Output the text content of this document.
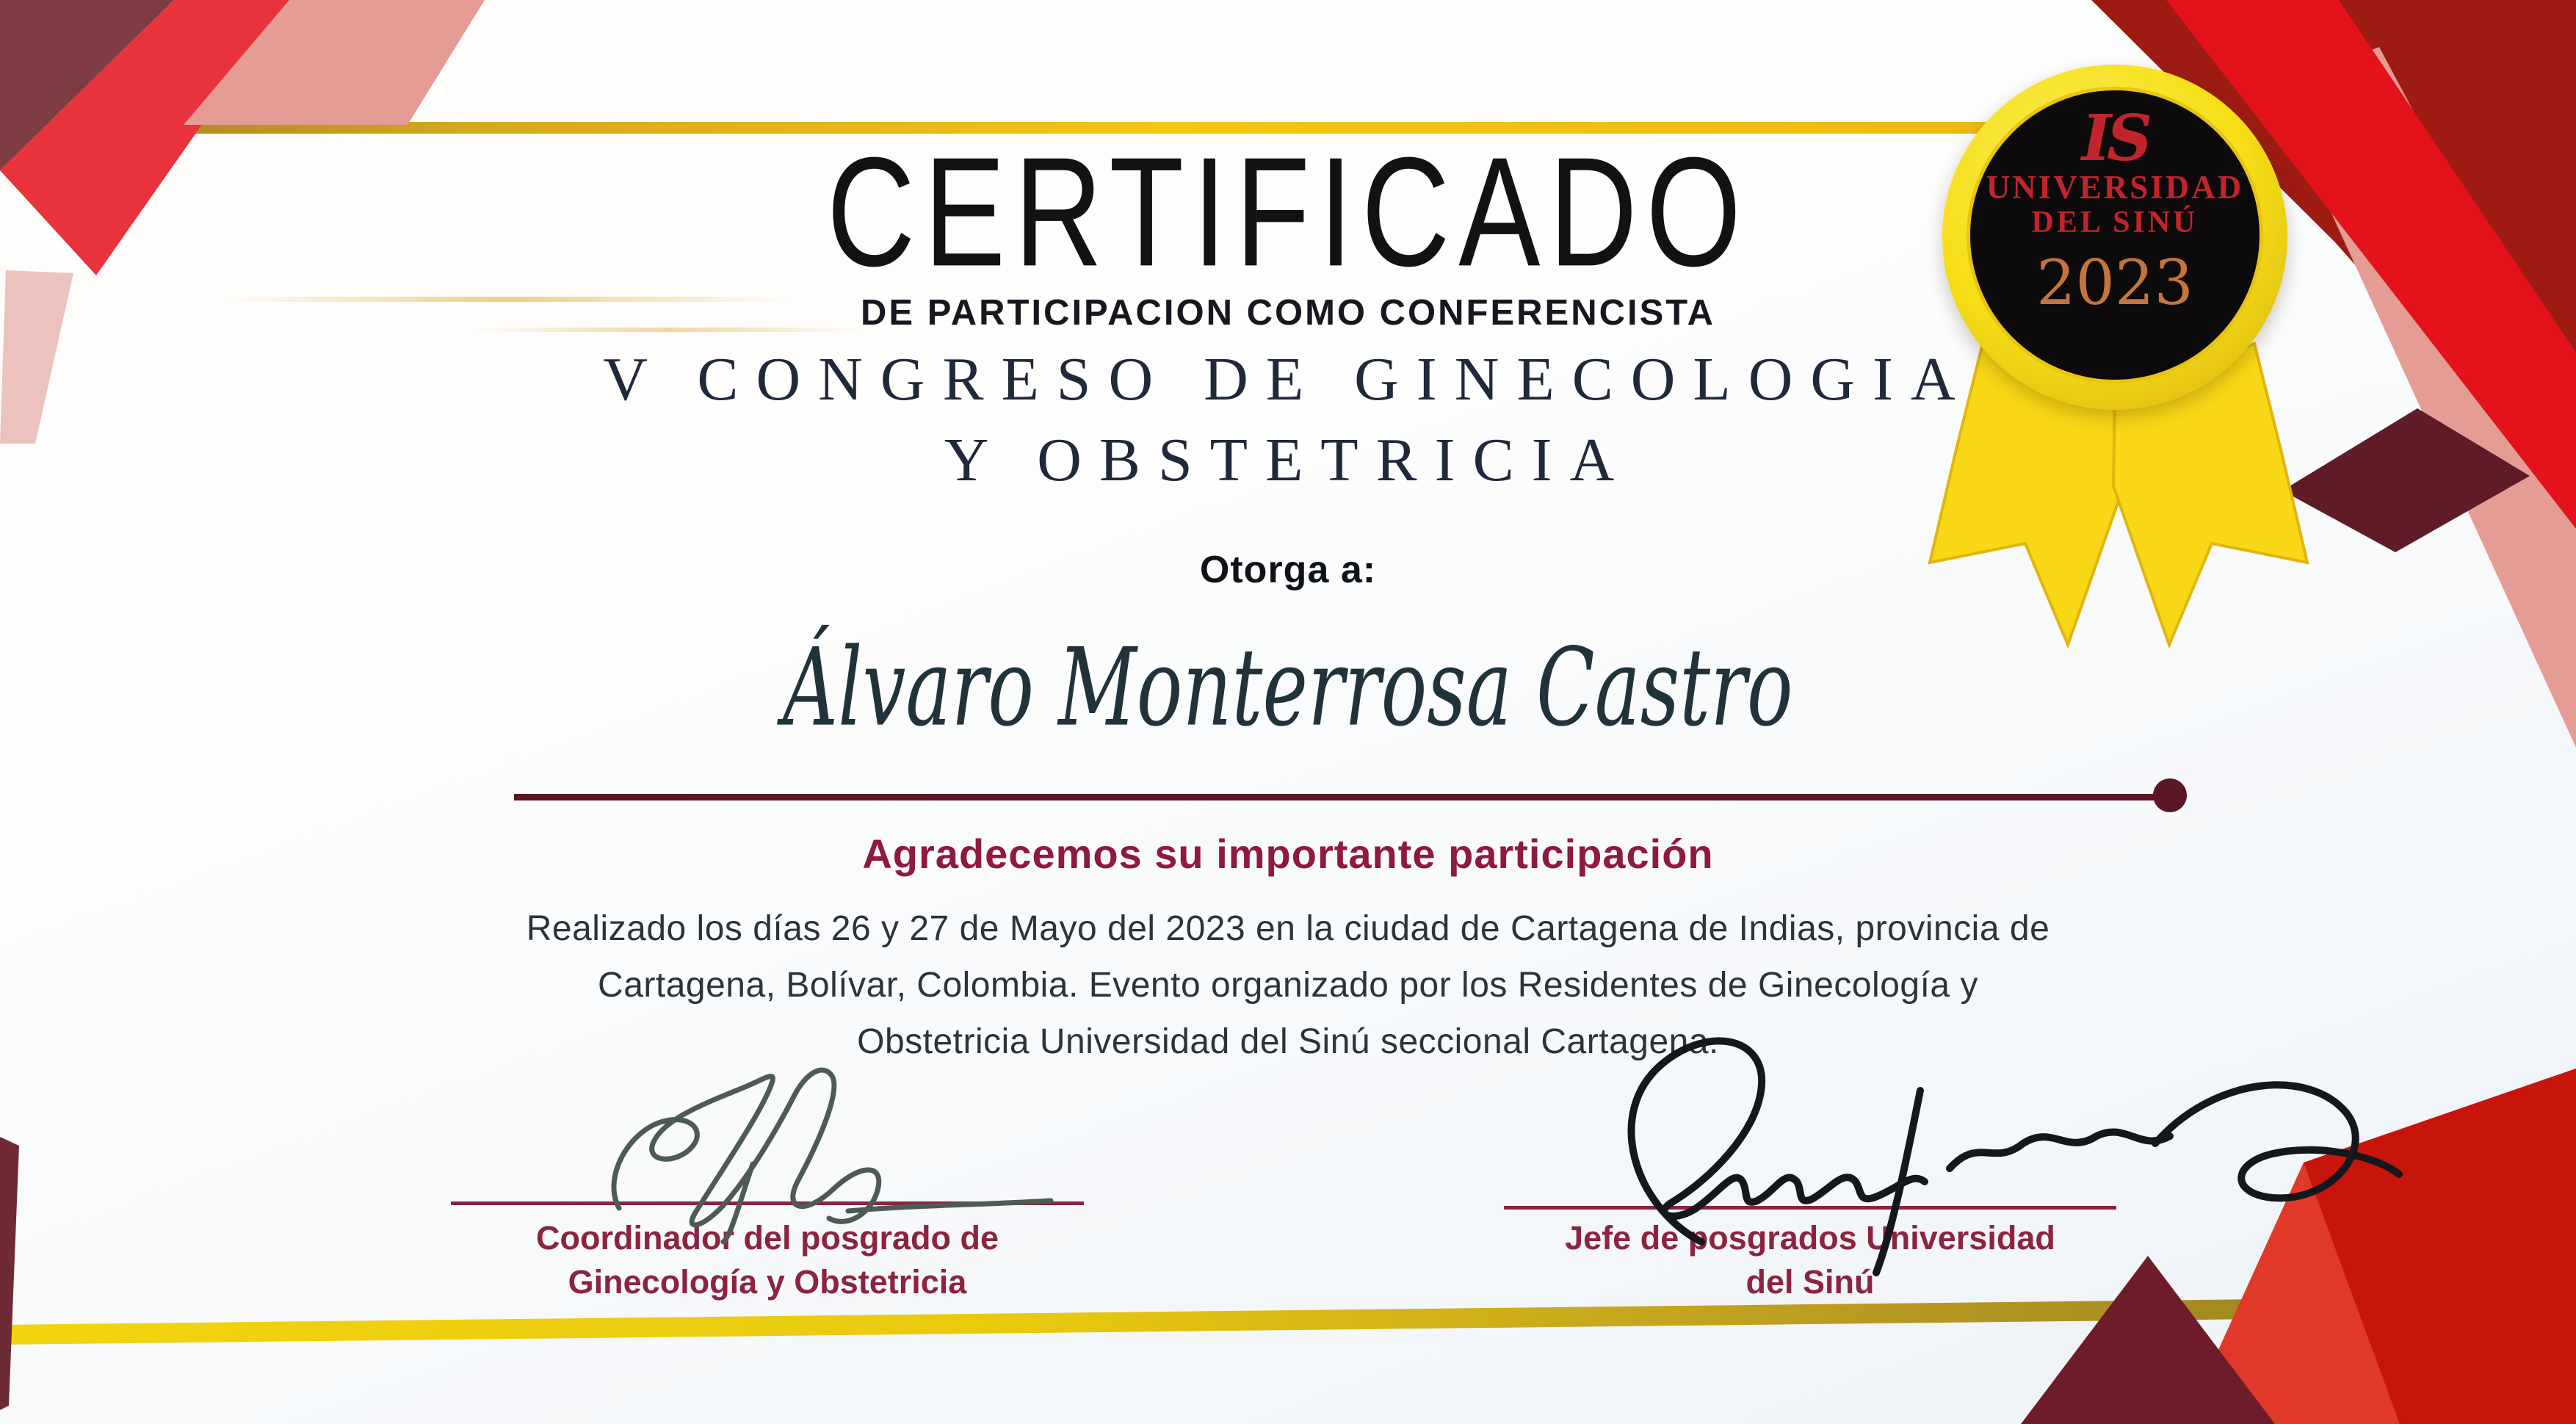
CERTIFICADO
DE PARTICIPACION COMO CONFERENCISTA
V CONGRESO DE GINECOLOGIA
Y OBSTETRICIA
Otorga a:
Álvaro Monterrosa Castro
Agradecemos su importante participación
Realizado los días 26 y 27 de Mayo del 2023 en la ciudad de Cartagena de Indias, provincia de
Cartagena, Bolívar, Colombia. Evento organizado por los Residentes de Ginecología y
Obstetricia Universidad del Sinú seccional Cartagena.
Coordinador del posgrado de
Ginecología y Obstetricia
Jefe de posgrados Universidad
del Sinú
IS
UNIVERSIDAD
DEL SINÚ
2023
